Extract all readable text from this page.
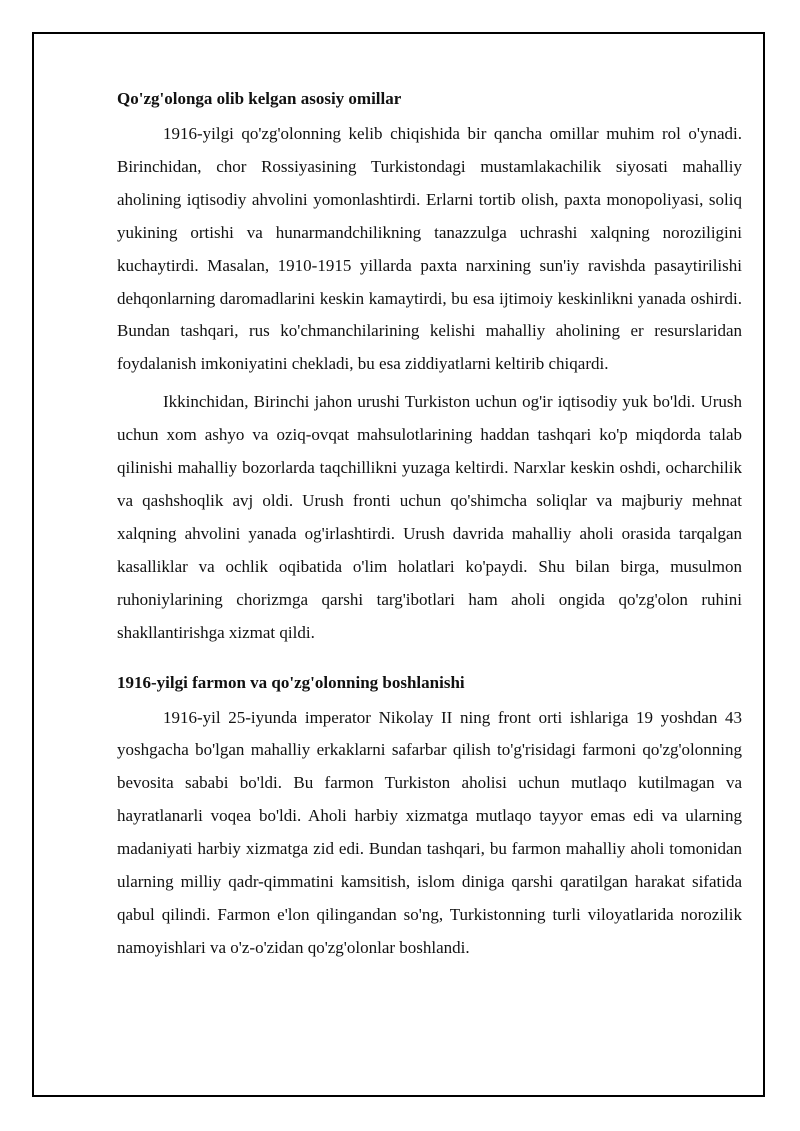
Qo'zg'olonga olib kelgan asosiy omillar

1916-yilgi qo'zg'olonning kelib chiqishida bir qancha omillar muhim rol o'ynadi. Birinchidan, chor Rossiyasining Turkistondagi mustamlakachilik siyosati mahalliy aholining iqtisodiy ahvolini yomonlashtirdi. Erlarni tortib olish, paxta monopoliyasi, soliq yukining ortishi va hunarmandchilikning tanazzulga uchrashi xalqning noroziligini kuchaytirdi. Masalan, 1910-1915 yillarda paxta narxining sun'iy ravishda pasaytirilishi dehqonlarning daromadlarini keskin kamaytirdi, bu esa ijtimoiy keskinlikni yanada oshirdi. Bundan tashqari, rus ko'chmanchilarining kelishi mahalliy aholining er resurslaridan foydalanish imkoniyatini chekladi, bu esa ziddiyatlarni keltirib chiqardi.

Ikkinchidan, Birinchi jahon urushi Turkiston uchun og'ir iqtisodiy yuk bo'ldi. Urush uchun xom ashyo va oziq-ovqat mahsulotlarining haddan tashqari ko'p miqdorda talab qilinishi mahalliy bozorlarda taqchillikni yuzaga keltirdi. Narxlar keskin oshdi, ocharchilik va qashshoqlik avj oldi. Urush fronti uchun qo'shimcha soliqlar va majburiy mehnat xalqning ahvolini yanada og'irlashtirdi. Urush davrida mahalliy aholi orasida tarqalgan kasalliklar va ochlik oqibatida o'lim holatlari ko'paydi. Shu bilan birga, musulmon ruhoniylarining chorizmga qarshi targ'ibotlari ham aholi ongida qo'zg'olon ruhini shakllantirishga xizmat qildi.

1916-yilgi farmon va qo'zg'olonning boshlanishi

1916-yil 25-iyunda imperator Nikolay II ning front orti ishlariga 19 yoshdan 43 yoshgacha bo'lgan mahalliy erkaklarni safarbar qilish to'g'risidagi farmoni qo'zg'olonning bevosita sababi bo'ldi. Bu farmon Turkiston aholisi uchun mutlaqo kutilmagan va hayratlanarli voqea bo'ldi. Aholi harbiy xizmatga mutlaqo tayyor emas edi va ularning madaniyati harbiy xizmatga zid edi. Bundan tashqari, bu farmon mahalliy aholi tomonidan ularning milliy qadr-qimmatini kamsitish, islom diniga qarshi qaratilgan harakat sifatida qabul qilindi. Farmon e'lon qilingandan so'ng, Turkistonning turli viloyatlarida norozilik namoyishlari va o'z-o'zidan qo'zg'olonlar boshlandi.
